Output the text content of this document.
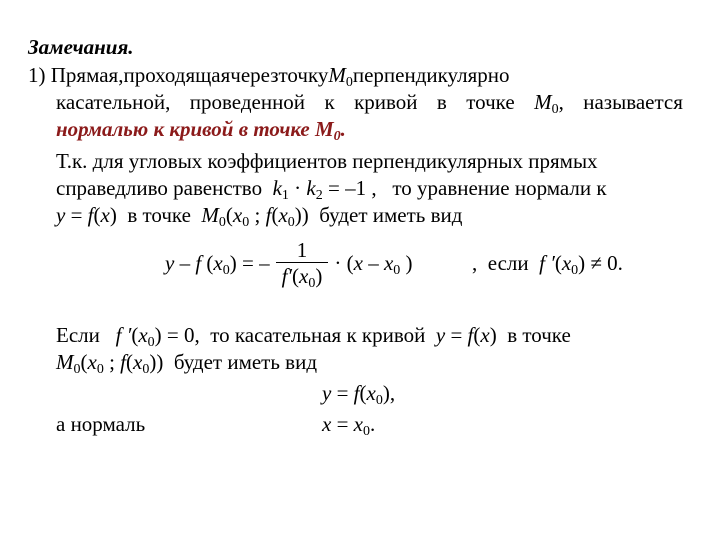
Замечания.
1) Прямая,проходящаячерезточкуM$_0$перпендикулярно
касательной, проведенной к кривой в точке $M_0$, называется
нормалью к кривой в точке $M_0$.
Т.к. для угловых коэффициентов перпендикулярных прямых
справедливо равенство  $k_1 \cdot k_2 = -1$ ,   то уравнение нормали к
y = f(x)  в точке  $M_0(x_0$ ; $f(x_0)$)  будет иметь вид
y – f $(x_0)$ = – $\frac{1}{f'(x_0)} \cdot (x - x_0$ )	,  если  f $'(x_0) \ne 0$.
Если   f $'(x_0) = 0$,  то касательная к кривой  y = f(x)  в точке
$M_0(x_0$ ; $f(x_0)$)  будет иметь вид
$y = f(x_0)$,
а нормаль	$x = x_0$.
